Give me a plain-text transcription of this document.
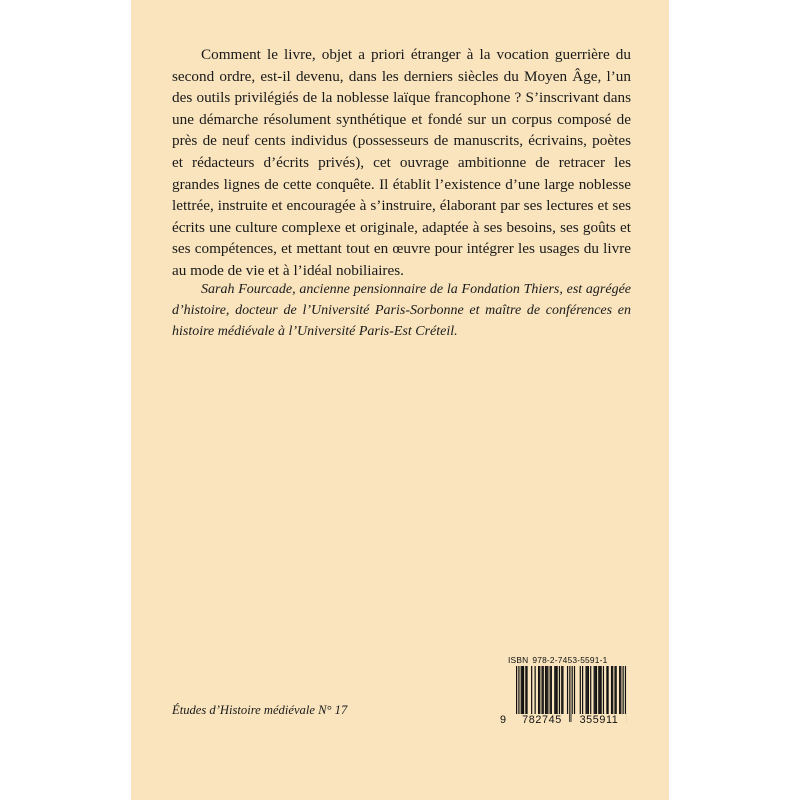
Comment le livre, objet a priori étranger à la vocation guerrière du second ordre, est-il devenu, dans les derniers siècles du Moyen Âge, l’un des outils privilégiés de la noblesse laïque francophone ? S’inscrivant dans une démarche résolument synthétique et fondé sur un corpus composé de près de neuf cents individus (possesseurs de manuscrits, écrivains, poètes et rédacteurs d’écrits privés), cet ouvrage ambitionne de retracer les grandes lignes de cette conquête. Il établit l’existence d’une large noblesse lettrée, instruite et encouragée à s’instruire, élaborant par ses lectures et ses écrits une culture complexe et originale, adaptée à ses besoins, ses goûts et ses compétences, et mettant tout en œuvre pour intégrer les usages du livre au mode de vie et à l’idéal nobiliaires.

Sarah Fourcade, ancienne pensionnaire de la Fondation Thiers, est agrégée d’histoire, docteur de l’Université Paris-Sorbonne et maître de conférences en histoire médiévale à l’Université Paris-Est Créteil.

Études d’Histoire médiévale N° 17
ISBN 978-2-7453-5591-1
9	782745	355911
